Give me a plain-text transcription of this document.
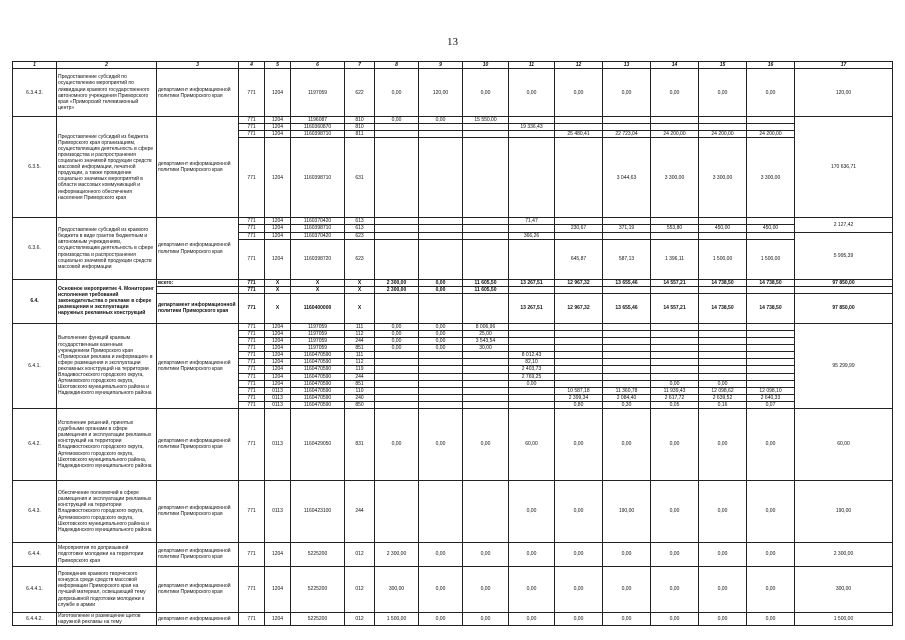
13
1	2	3	4	5	6	7	8	9	10	11	12	13	14	15	16	17
6.3.4.3.	Предоставление субсидий по осуществлению мероприятий по ликвидации краевого государственного автономного учреждения Приморского края «Приморский телевизионный центр»	департамент информационной политики Приморского края	771	1204	1197059	622	0,00	120,00	0,00	0,00	0,00	0,00	0,00	0,00	0,00	120,00
6.3.5.	Предоставление субсидий из бюджета Приморского края организациям, осуществляющим деятельность в сфере производства и распространения социально значимой продукции средств массовой информации, печатной продукции, а также проведение социально значимых мероприятий в области массовых коммуникаций и информационного обеспечения населения Приморского края	департамент информационной политики Приморского края	771	1204	1196087	810	0,00	0,00	15 550,00							170 636,71
			771	1204	1160360870	810				19 336,43						
			771	1204	1160398710	811					25 480,41	22 723,04	24 200,00	24 200,00	24 200,00	
			771	1204	1160398710	631						3 044,63	3 300,00	3 300,00	3 300,00	
6.3.6.	Предоставление субсидий из краевого бюджета в виде грантов бюджетным и автономным учреждениям, осуществляющим деятельность в сфере производства и распространения социально значимой продукции средств массовой информации	департамент информационной политики Приморского края	771	1204	1160370420	613				71,47						2 127,42
			771	1204	1160398710	613					230,67	371,19	553,80	450,00	450,00	
			771	1204	1160370420	623				366,26						5 995,39
			771	1204	1160398720	623					645,87	587,13	1 396,11	1 500,00	1 500,00	
6.4.	Основное мероприятие 4. Мониторинг исполнения требований законодательства о рекламе в сфере размещения и эксплуатации наружных рекламных конструкций	всего:	771	X	X	X	2 300,00	0,00	11 605,50	13 267,51	12 967,32	13 655,46	14 557,21	14 738,50	14 738,50	97 850,00
			771	X	X	X	2 300,00	0,00	11 605,50							
		департамент информационной политики Приморского края	771	X	1160400000	X				13 267,51	12 967,32	13 655,46	14 557,21	14 738,50	14 738,50	97 850,00
6.4.1.	Выполнение функций краевым государственным казенным учреждением Приморского края «Приморская реклама и информация» в сфере размещения и эксплуатации рекламных конструкций на территории Владивостокского городского округа, Артемовского городского округа, Шкотовского муниципального района и Надеждинского муниципального района	департамент информационной политики Приморского края	771	1204	1197059	111	0,00	0,00	8 006,96							95 299,99
			771	1204	1197059	112	0,00	0,00	25,00							
			771	1204	1197059	244	0,00	0,00	3 543,54							
			771	1204	1197059	851	0,00	0,00	30,00							
			771	1204	1160470590	111				8 012,43						
			771	1204	1160470590	112				82,10						
			771	1204	1160470590	119				2 403,73						
			771	1204	1160470590	244				2 769,25						
			771	1204	1160470590	851				0,00			0,00	0,00		
			771	0113	1160470590	110					10 587,18	11 360,78	11 939,43	12 098,62	12 098,10	
			771	0113	1160470590	240					2 399,34	2 084,40	2 617,72	2 639,52	2 640,33	
			771	0113	1160470590	850					0,80	0,30	0,05	0,16	0,07	
6.4.2.	Исполнение решений, принятых судебными органами в сфере размещения и эксплуатации рекламных конструкций на территории Владивостокского городского округа, Артемовского городского округа, Шкотовского муниципального района, Надеждинского муниципального района	департамент информационной политики Приморского края	771	0113	1160429050	831	0,00	0,00	0,00	60,00	0,00	0,00	0,00	0,00	0,00	60,00
6.4.3.	Обеспечение полномочий в сфере размещения и эксплуатации рекламных конструкций на территории Владивостокского городского округа, Артемовского городского округа, Шкотовского муниципального района и Надеждинского муниципального района	департамент информационной политики Приморского края	771	0113	1160423100	244				0,00	0,00	190,00	0,00	0,00	0,00	190,00
6.4.4.	Мероприятия по допризывной подготовке молодежи на территории Приморского края	департамент информационной политики Приморского края	771	1204	5225200	012	2 300,00	0,00	0,00	0,00	0,00	0,00	0,00	0,00	0,00	2 300,00
6.4.4.1.	Проведение краевого творческого конкурса среди средств массовой информации Приморского края на лучший материал, освещающий тему допризывной подготовки молодежи к службе в армии	департамент информационной политики Приморского края	771	1204	5225200	012	300,00	0,00	0,00	0,00	0,00	0,00	0,00	0,00	0,00	300,00
6.4.4.2.	Изготовление и размещение щитов наружной рекламы на тему	департамент информационной	771	1204	5225200	012	1 500,00	0,00	0,00	0,00	0,00	0,00	0,00	0,00	0,00	1 500,00
